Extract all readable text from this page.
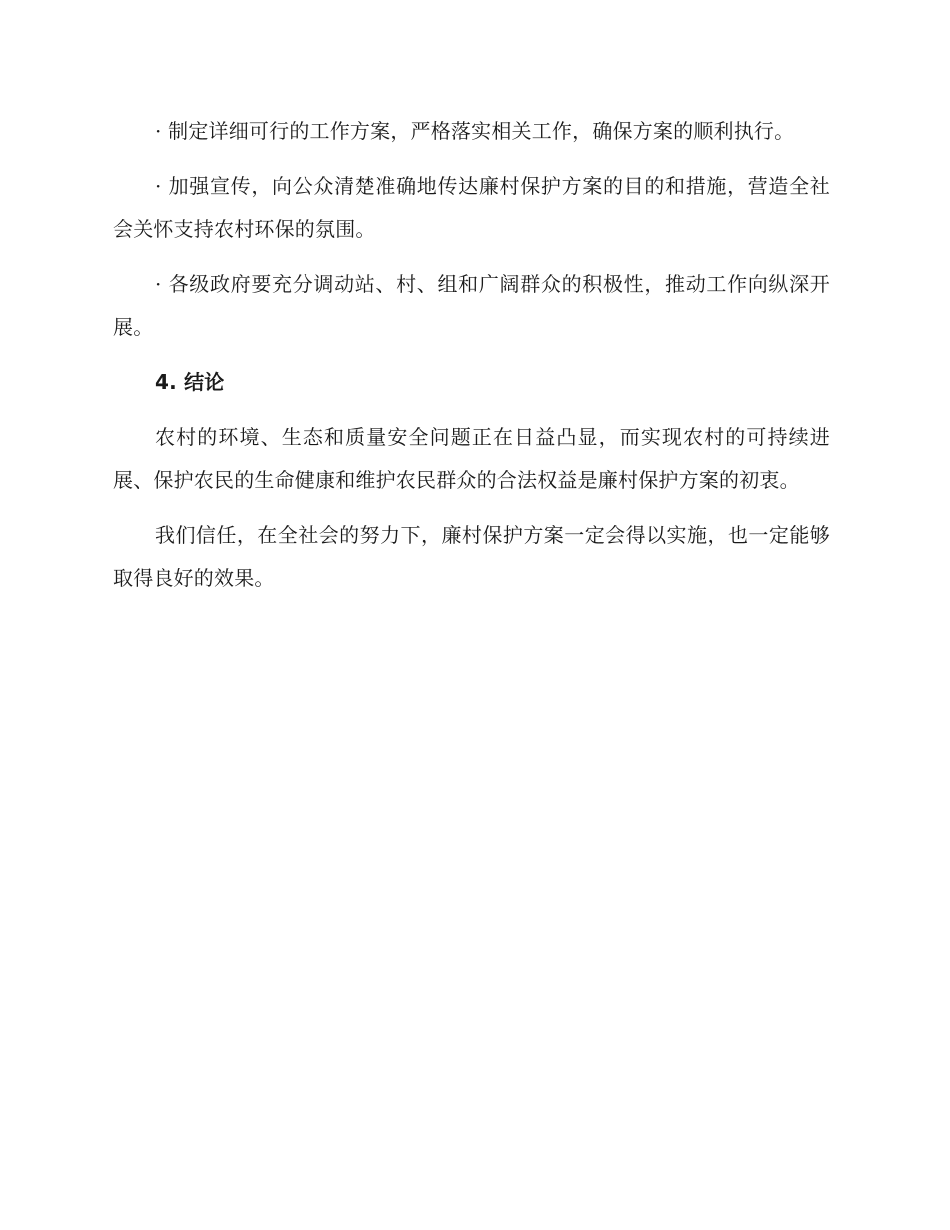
· 制定详细可行的工作方案，严格落实相关工作，确保方案的顺利执行。

· 加强宣传，向公众清楚准确地传达廉村保护方案的目的和措施，营造全社会关怀支持农村环保的氛围。

· 各级政府要充分调动站、村、组和广阔群众的积极性，推动工作向纵深开展。

4. 结论

农村的环境、生态和质量安全问题正在日益凸显，而实现农村的可持续进展、保护农民的生命健康和维护农民群众的合法权益是廉村保护方案的初衷。

我们信任，在全社会的努力下，廉村保护方案一定会得以实施，也一定能够取得良好的效果。
